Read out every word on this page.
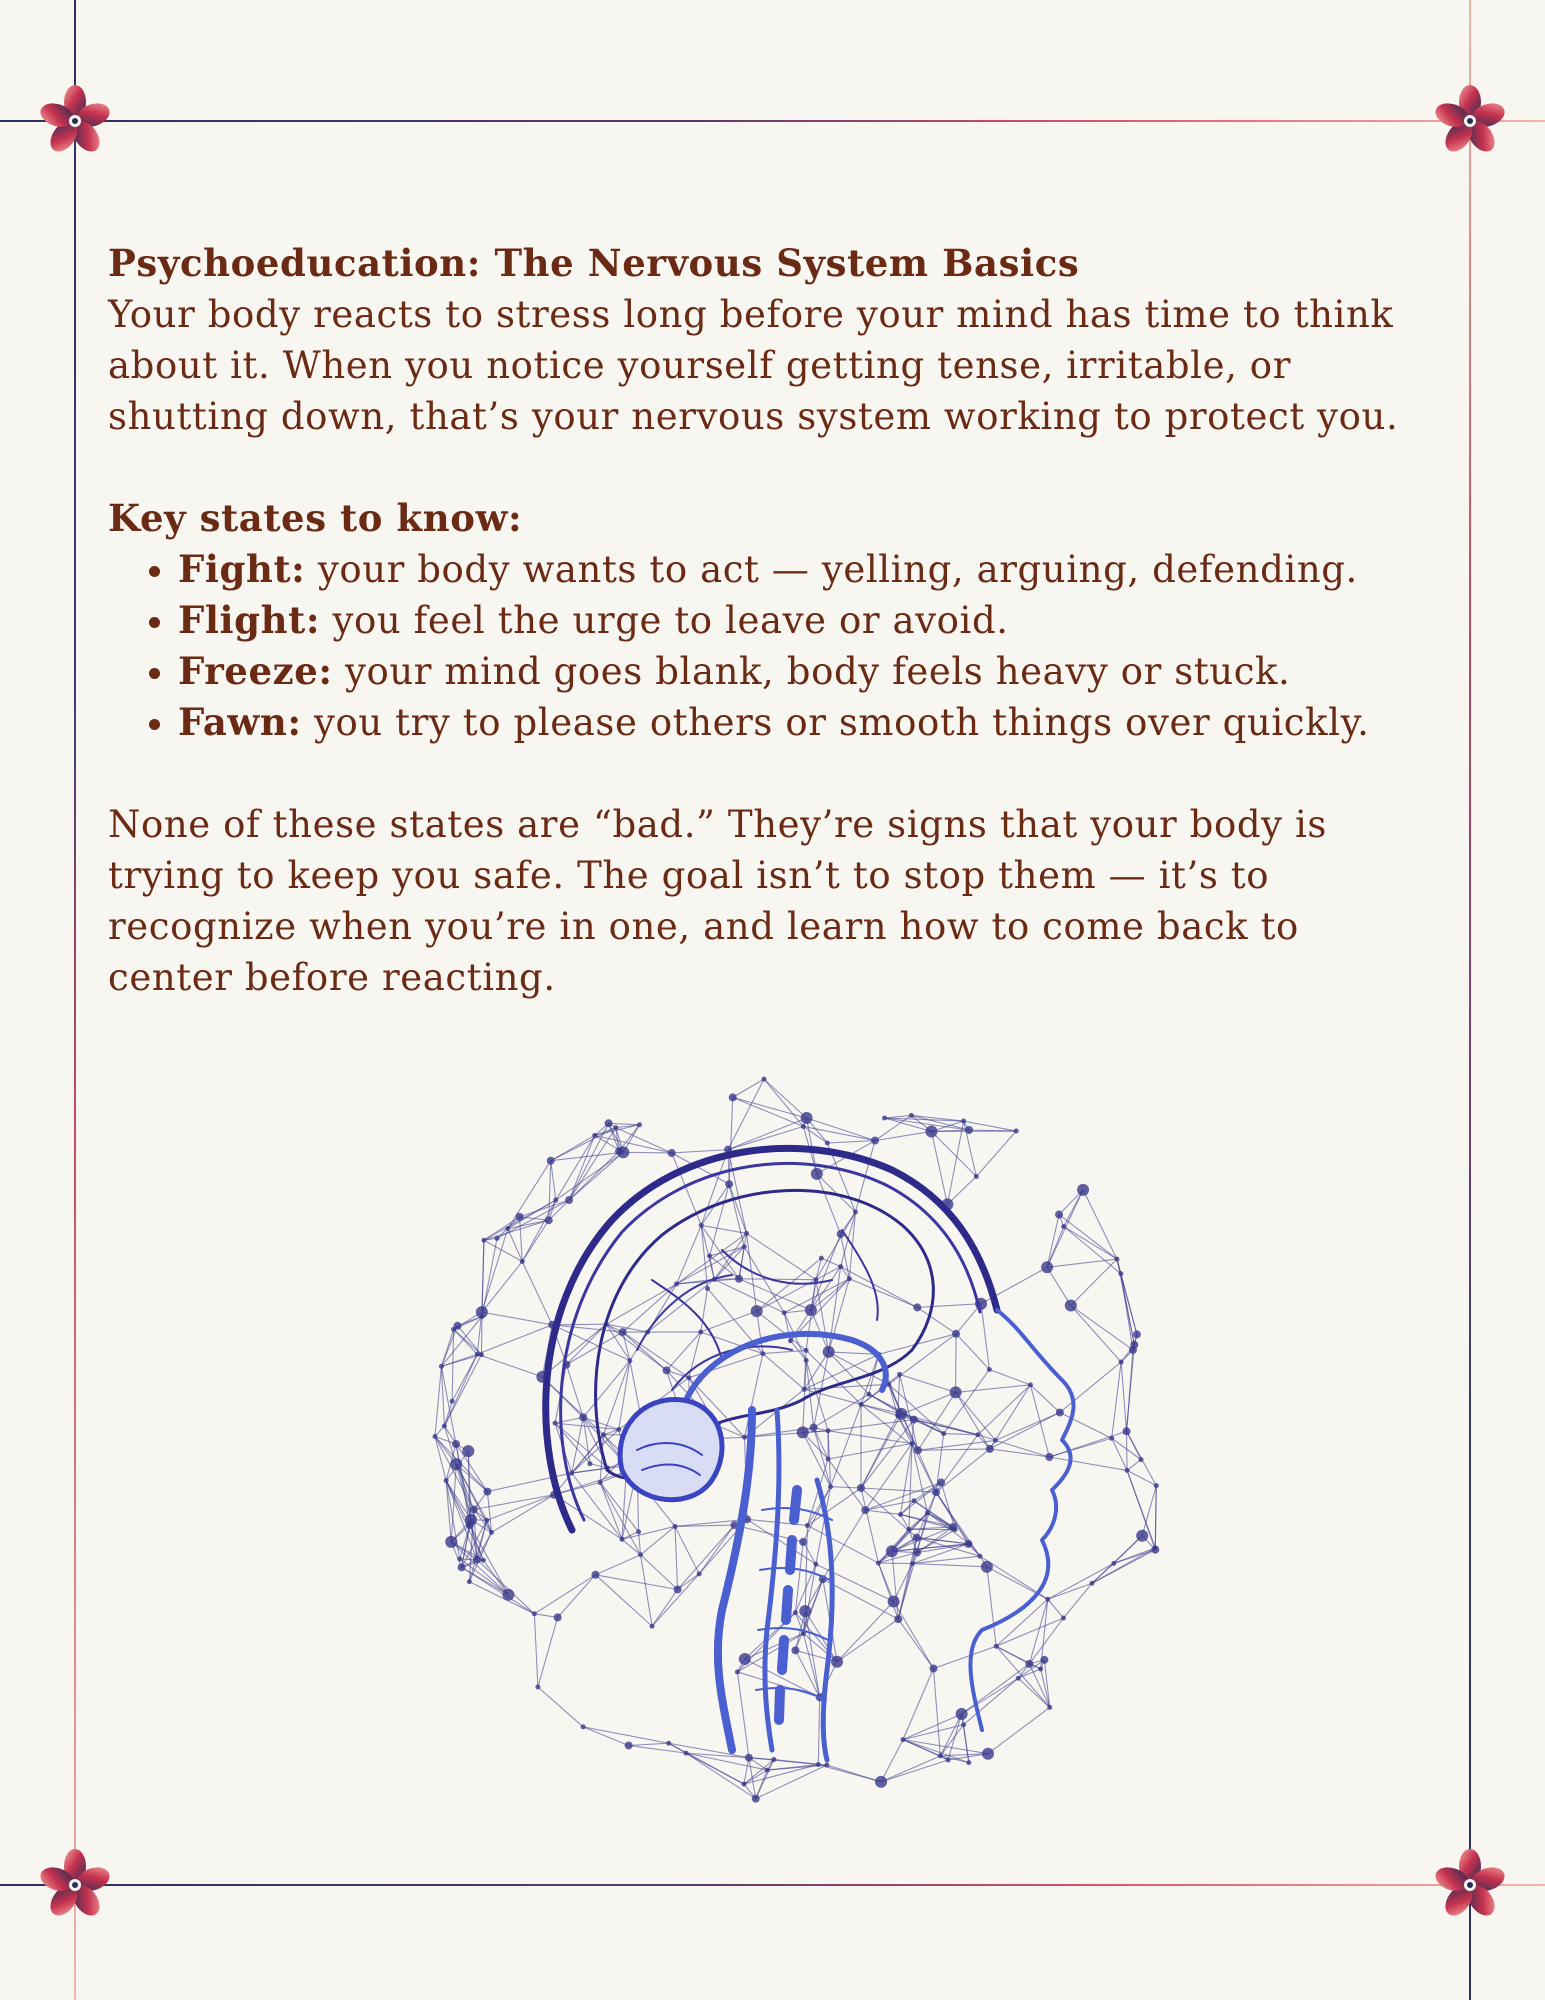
Psychoeducation: The Nervous System Basics

Your body reacts to stress long before your mind has time to think about it. When you notice yourself getting tense, irritable, or shutting down, that’s your nervous system working to protect you.

Key states to know:

• Fight: your body wants to act — yelling, arguing, defending.
• Flight: you feel the urge to leave or avoid.
• Freeze: your mind goes blank, body feels heavy or stuck.
• Fawn: you try to please others or smooth things over quickly.

None of these states are “bad.” They’re signs that your body is trying to keep you safe. The goal isn’t to stop them — it’s to recognize when you’re in one, and learn how to come back to center before reacting.
